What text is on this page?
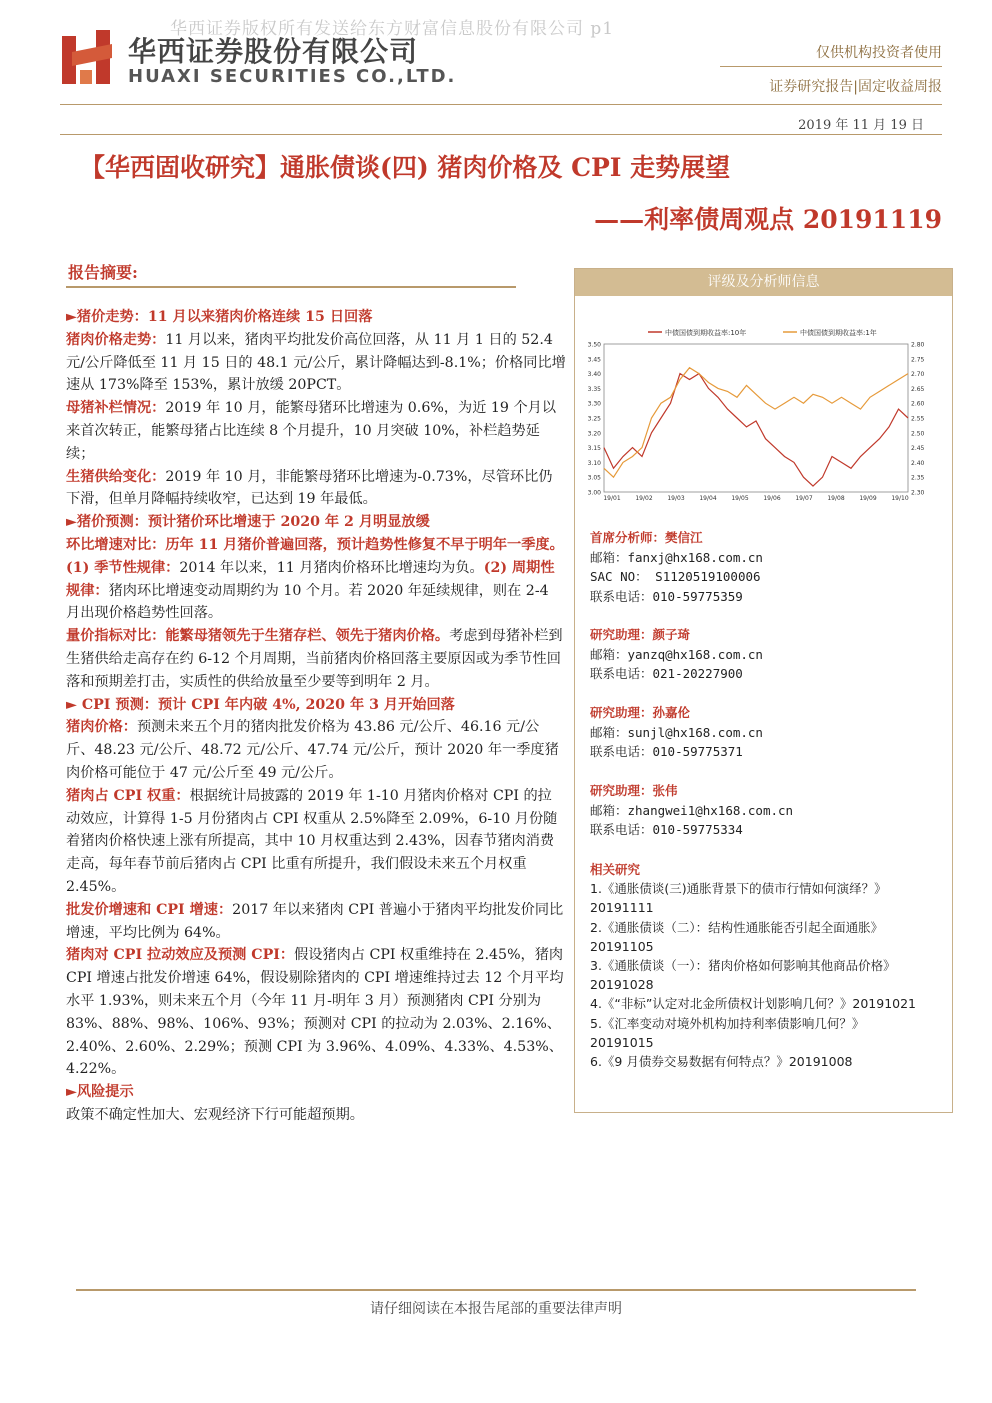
华西证券版权所有发送给东方财富信息股份有限公司 p1
华西证券股份有限公司
HUAXI SECURITIES CO.,LTD.
仅供机构投资者使用
证券研究报告|固定收益周报
2019 年 11 月 19 日
【华西固收研究】通胀债谈(四) 猪肉价格及 CPI 走势展望
——利率债周观点 20191119
报告摘要:

►猪价走势：11 月以来猪肉价格连续 15 日回落

猪肉价格走势：11 月以来，猪肉平均批发价高位回落，从 11 月 1 日的 52.4 元/公斤降低至 11 月 15 日的 48.1 元/公斤，累计降幅达到-8.1%；价格同比增速从 173%降至 153%，累计放缓 20PCT。

母猪补栏情况：2019 年 10 月，能繁母猪环比增速为 0.6%，为近 19 个月以来首次转正，能繁母猪占比连续 8 个月提升，10 月突破 10%，补栏趋势延续；

生猪供给变化：2019 年 10 月，非能繁母猪环比增速为-0.73%，尽管环比仍下滑，但单月降幅持续收窄，已达到 19 年最低。

►猪价预测：预计猪价环比增速于 2020 年 2 月明显放缓

环比增速对比：历年 11 月猪价普遍回落，预计趋势性修复不早于明年一季度。(1) 季节性规律：2014 年以来，11 月猪肉价格环比增速均为负。(2) 周期性规律：猪肉环比增速变动周期约为 10 个月。若 2020 年延续规律，则在 2-4 月出现价格趋势性回落。

量价指标对比：能繁母猪领先于生猪存栏、领先于猪肉价格。考虑到母猪补栏到生猪供给走高存在约 6-12 个月周期，当前猪肉价格回落主要原因或为季节性回落和预期差打击，实质性的供给放量至少要等到明年 2 月。

► CPI 预测：预计 CPI 年内破 4%, 2020 年 3 月开始回落

猪肉价格：预测未来五个月的猪肉批发价格为 43.86 元/公斤、46.16 元/公斤、48.23 元/公斤、48.72 元/公斤、47.74 元/公斤，预计 2020 年一季度猪肉价格可能位于 47 元/公斤至 49 元/公斤。

猪肉占 CPI 权重：根据统计局披露的 2019 年 1-10 月猪肉价格对 CPI 的拉动效应，计算得 1-5 月份猪肉占 CPI 权重从 2.5%降至 2.09%，6-10 月份随着猪肉价格快速上涨有所提高，其中 10 月权重达到 2.43%，因春节猪肉消费走高，每年春节前后猪肉占 CPI 比重有所提升，我们假设未来五个月权重 2.45%。

批发价增速和 CPI 增速：2017 年以来猪肉 CPI 普遍小于猪肉平均批发价同比增速，平均比例为 64%。

猪肉对 CPI 拉动效应及预测 CPI：假设猪肉占 CPI 权重维持在 2.45%，猪肉 CPI 增速占批发价增速 64%，假设剔除猪肉的 CPI 增速维持过去 12 个月平均水平 1.93%，则未来五个月（今年 11 月-明年 3 月）预测猪肉 CPI 分别为 83%、88%、98%、106%、93%；预测对 CPI 的拉动为 2.03%、2.16%、2.40%、2.60%、2.29%；预测 CPI 为 3.96%、4.09%、4.33%、4.53%、4.22%。

►风险提示

政策不确定性加大、宏观经济下行可能超预期。

评级及分析师信息
中债国债到期收益率:10年	中债国债到期收益率:1年
3.50
3.45
3.40
3.35
3.30
3.25
3.20
3.15
3.10
3.05
3.00
2.80
2.75
2.70
2.65
2.60
2.55
2.50
2.45
2.40
2.35
2.30
19/01 19/02 19/03 19/04 19/05 19/06 19/07 19/08 19/09 19/10
首席分析师：樊信江
邮箱：fanxj@hx168.com.cn
SAC NO： S1120519100006
联系电话：010-59775359
研究助理：颜子琦
邮箱：yanzq@hx168.com.cn
联系电话：021-20227900
研究助理：孙嘉伦
邮箱：sunjl@hx168.com.cn
联系电话：010-59775371
研究助理：张伟
邮箱：zhangwei1@hx168.com.cn
联系电话：010-59775334
相关研究
1.《通胀债谈(三)通胀背景下的债市行情如何演绎？》20191111
2.《通胀债谈（二）：结构性通胀能否引起全面通胀》20191105
3.《通胀债谈（一）：猪肉价格如何影响其他商品价格》20191028
4.《“非标”认定对北金所债权计划影响几何？》20191021
5.《汇率变动对境外机构加持利率债影响几何？》20191015
6.《9 月债券交易数据有何特点？》20191008
请仔细阅读在本报告尾部的重要法律声明
